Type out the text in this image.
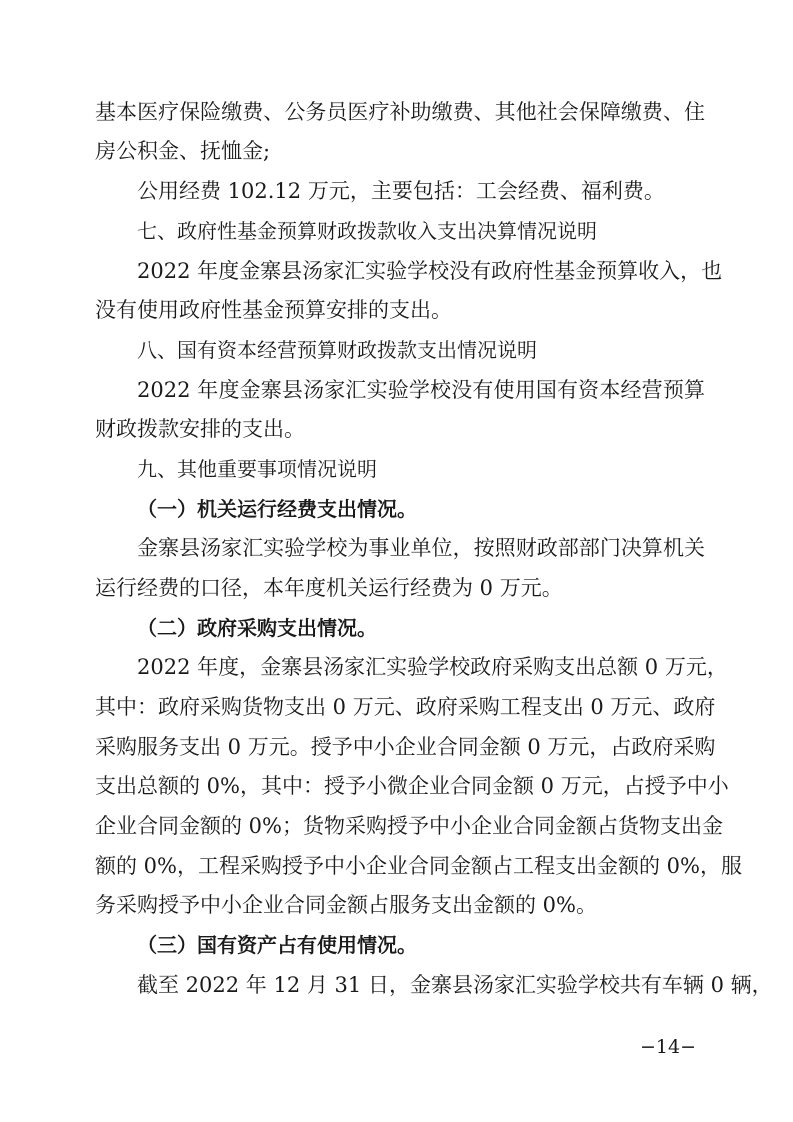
基本医疗保险缴费、公务员医疗补助缴费、其他社会保障缴费、住
房公积金、抚恤金;
公用经费 102.12 万元，主要包括：工会经费、福利费。
七、政府性基金预算财政拨款收入支出决算情况说明
2022 年度金寨县汤家汇实验学校没有政府性基金预算收入，也
没有使用政府性基金预算安排的支出。
八、国有资本经营预算财政拨款支出情况说明
2022 年度金寨县汤家汇实验学校没有使用国有资本经营预算
财政拨款安排的支出。
九、其他重要事项情况说明
（一）机关运行经费支出情况。
金寨县汤家汇实验学校为事业单位，按照财政部部门决算机关
运行经费的口径，本年度机关运行经费为 0 万元。
（二）政府采购支出情况。
2022 年度，金寨县汤家汇实验学校政府采购支出总额 0 万元，
其中：政府采购货物支出 0 万元、政府采购工程支出 0 万元、政府
采购服务支出 0 万元。授予中小企业合同金额 0 万元，占政府采购
支出总额的 0%，其中：授予小微企业合同金额 0 万元，占授予中小
企业合同金额的 0%；货物采购授予中小企业合同金额占货物支出金
额的 0%，工程采购授予中小企业合同金额占工程支出金额的 0%，服
务采购授予中小企业合同金额占服务支出金额的 0%。
（三）国有资产占有使用情况。
截至 2022 年 12 月 31 日，金寨县汤家汇实验学校共有车辆 0 辆，
−14−
